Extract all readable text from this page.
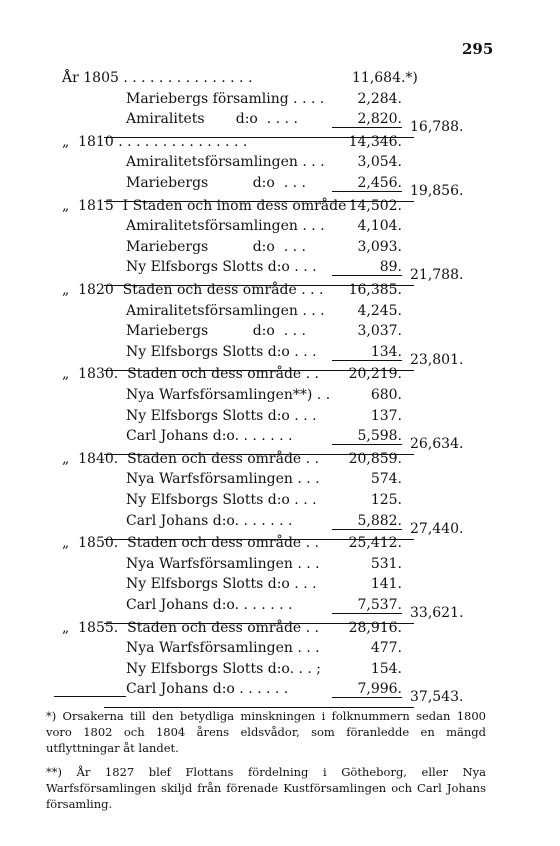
295
År 1805 . . . . . . . . . . . . . . .	11,684.*)
Mariebergs församling . . . .	2,284.
Amiralitets       d:o  . . . .	2,820. 16,788.
„  1810 . . . . . . . . . . . . . . .	14,346.
Amiralitetsförsamlingen . . .	3,054.
Mariebergs          d:o  . . .	2,456. 19,856.
„  1815  I Staden och inom dess område 14,502.
Amiralitetsförsamlingen . . .	4,104.
Mariebergs          d:o  . . .	3,093.
Ny Elfsborgs Slotts d:o . . .	89. 21,788.
„  1820  Staden och dess område . . .	16,385.
Amiralitetsförsamlingen . . .	4,245.
Mariebergs          d:o  . . .	3,037.
Ny Elfsborgs Slotts d:o . . .	134. 23,801.
„  1830.  Staden och dess område . .	20,219.
Nya Warfsförsamlingen**) . .	680.
Ny Elfsborgs Slotts d:o . . .	137.
Carl Johans d:o. . . . . . .	5,598. 26,634.
„  1840.  Staden och dess område . .	20,859.
Nya Warfsförsamlingen . . .	574.
Ny Elfsborgs Slotts d:o . . .	125.
Carl Johans d:o. . . . . . .	5,882. 27,440.
„  1850.  Staden och dess område . .	25,412.
Nya Warfsförsamlingen . . .	531.
Ny Elfsborgs Slotts d:o . . .	141.
Carl Johans d:o. . . . . . .	7,537. 33,621.
„  1855.  Staden och dess område . .	28,916.
Nya Warfsförsamlingen . . .	477.
Ny Elfsborgs Slotts d:o. . . ;	154.
Carl Johans d:o . . . . . .	7,996. 37,543.
*) Orsakerna till den betydliga minskningen i folknummern sedan 1800 voro 1802 och 1804 årens eldsvådor, som föranledde en mängd utflyttningar åt landet.
**) År 1827 blef Flottans fördelning i Götheborg, eller Nya Warfsförsamlingen skiljd från förenade Kustförsamlingen och Carl Johans församling.
